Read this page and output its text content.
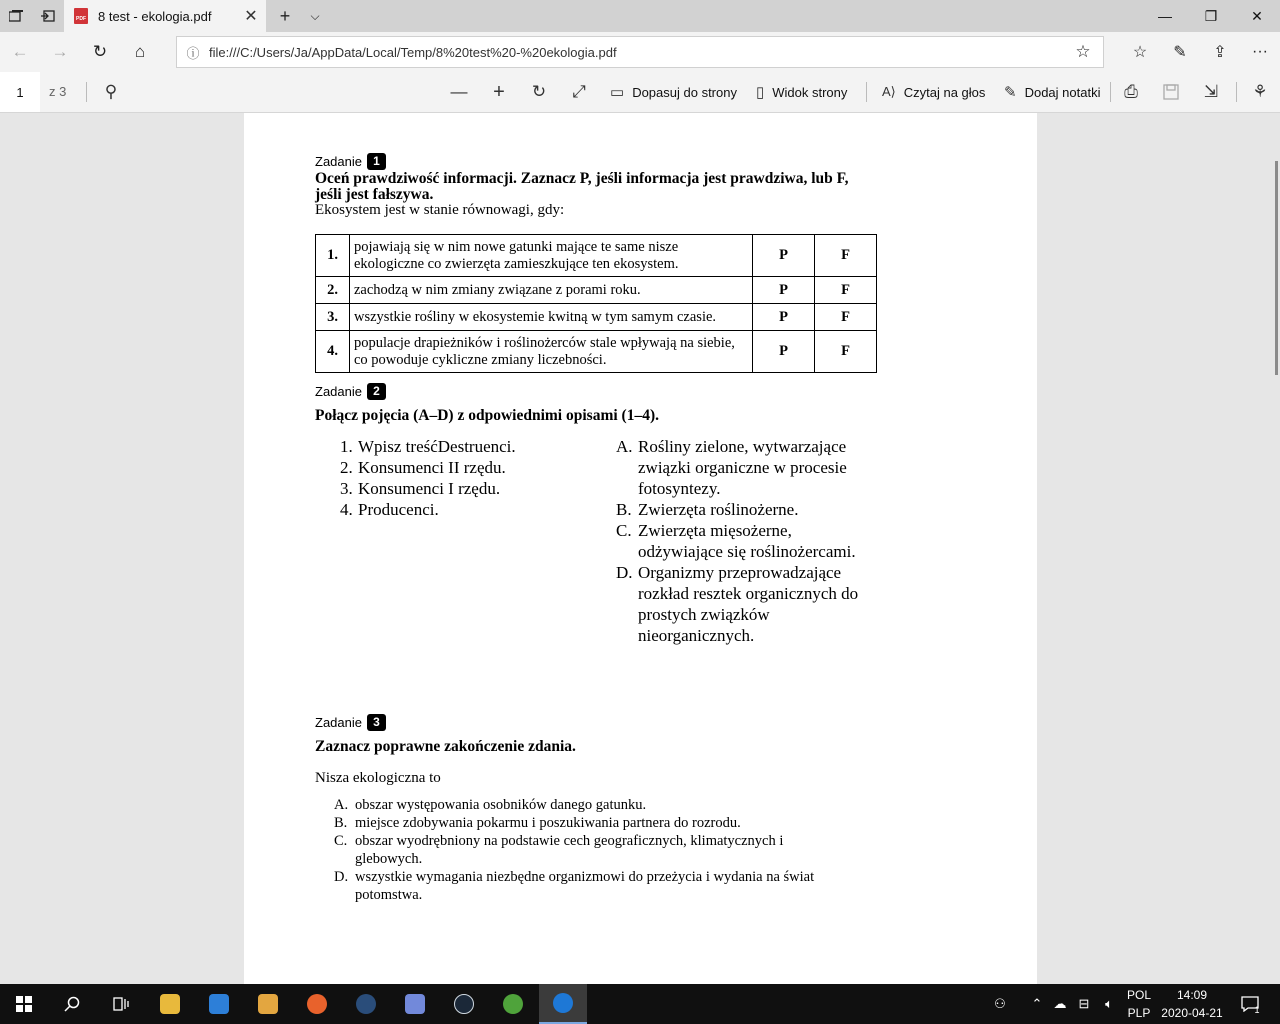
PDF 8 test - ekologia.pdf	✕	+	⌵	—	❐	✕
←	→	↻	⌂	ⓘ file:///C:/Users/Ja/AppData/Local/Temp/8%20test%20-%20ekologia.pdf	☆	☆	✎	⇪	···
1	z 3	⚲	—	+	↻	⤢	▭ Dopasuj do strony ▯ Widok strony	A⟩ Czytaj na głos ✎ Dodaj notatki	⎙	⇲	⚘
Zadanie 1
Oceń prawdziwość informacji. Zaznacz P, jeśli informacja jest prawdziwa, lub F, jeśli jest fałszywa.
Ekosystem jest w stanie równowagi, gdy:
1.	pojawiają się w nim nowe gatunki mające te same nisze ekologiczne co zwierzęta zamieszkujące ten ekosystem.	P	F
2.	zachodzą w nim zmiany związane z porami roku.	P	F
3.	wszystkie rośliny w ekosystemie kwitną w tym samym czasie.	P	F
4.	populacje drapieżników i roślinożerców stale wpływają na siebie, co powoduje cykliczne zmiany liczebności.	P	F
Zadanie 2
Połącz pojęcia (A–D) z odpowiednimi opisami (1–4).
1. Wpisz treśćDestruenci.
2. Konsumenci II rzędu.
3. Konsumenci I rzędu.
4. Producenci.
A. Rośliny zielone, wytwarzające związki organiczne w procesie fotosyntezy.
B. Zwierzęta roślinożerne.
C. Zwierzęta mięsożerne, odżywiające się roślinożercami.
D. Organizmy przeprowadzające rozkład resztek organicznych do prostych związków nieorganicznych.
Zadanie 3
Zaznacz poprawne zakończenie zdania.
Nisza ekologiczna to
A. obszar występowania osobników danego gatunku.
B. miejsce zdobywania pokarmu i poszukiwania partnera do rozrodu.
C. obszar wyodrębniony na podstawie cech geograficznych, klimatycznych i glebowych.
D. wszystkie wymagania niezbędne organizmowi do przeżycia i wydania na świat potomstwa.
⚇	⌃ ☁ ⊟	🔈︎
POL
PLP
14:09
2020-04-21	1
